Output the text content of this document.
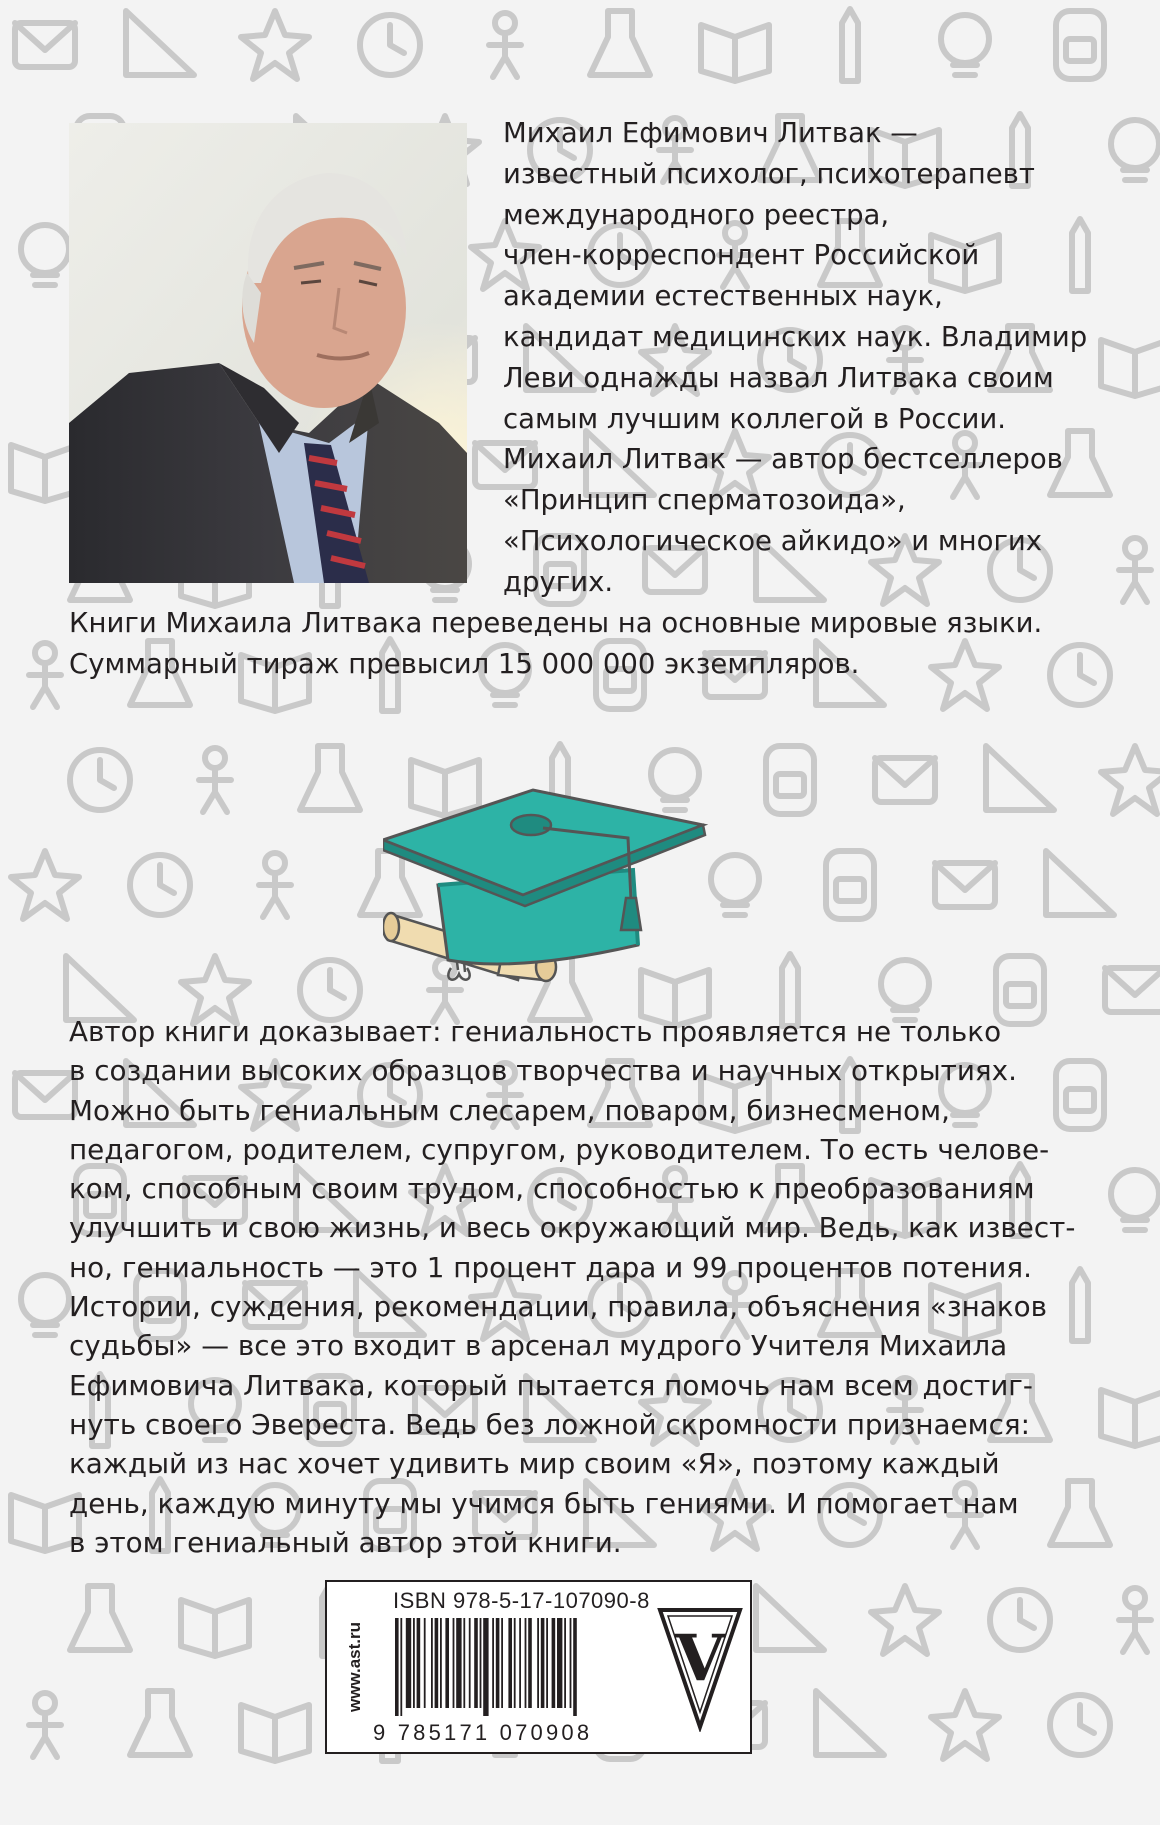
Михаил Ефимович Литвак —
известный психолог, психотерапевт
международного реестра,
член-корреспондент Российской
академии естественных наук,
кандидат медицинских наук. Владимир
Леви однажды назвал Литвака своим
самым лучшим коллегой в России.
Михаил Литвак — автор бестселлеров
«Принцип сперматозоида»,
«Психологическое айкидо» и многих
других.
Книги Михаила Литвака переведены на основные мировые языки.
Суммарный тираж превысил 15 000 000 экземпляров.
Автор книги доказывает: гениальность проявляется не только
в создании высоких образцов творчества и научных открытиях.
Можно быть гениальным слесарем, поваром, бизнесменом,
педагогом, родителем, супругом, руководителем. То есть челове-
ком, способным своим трудом, способностью к преобразованиям
улучшить и свою жизнь, и весь окружающий мир. Ведь, как извест-
но, гениальность — это 1 процент дара и 99 процентов потения.
Истории, суждения, рекомендации, правила, объяснения «знаков
судьбы» — все это входит в арсенал мудрого Учителя Михаила
Ефимовича Литвака, который пытается помочь нам всем достиг-
нуть своего Эвереста. Ведь без ложной скромности признаемся:
каждый из нас хочет удивить мир своим «Я», поэтому каждый
день, каждую минуту мы учимся быть гениями. И помогает нам
в этом гениальный автор этой книги.
www.ast.ru
ISBN 978-5-17-107090-8
9 785171 070908
V
